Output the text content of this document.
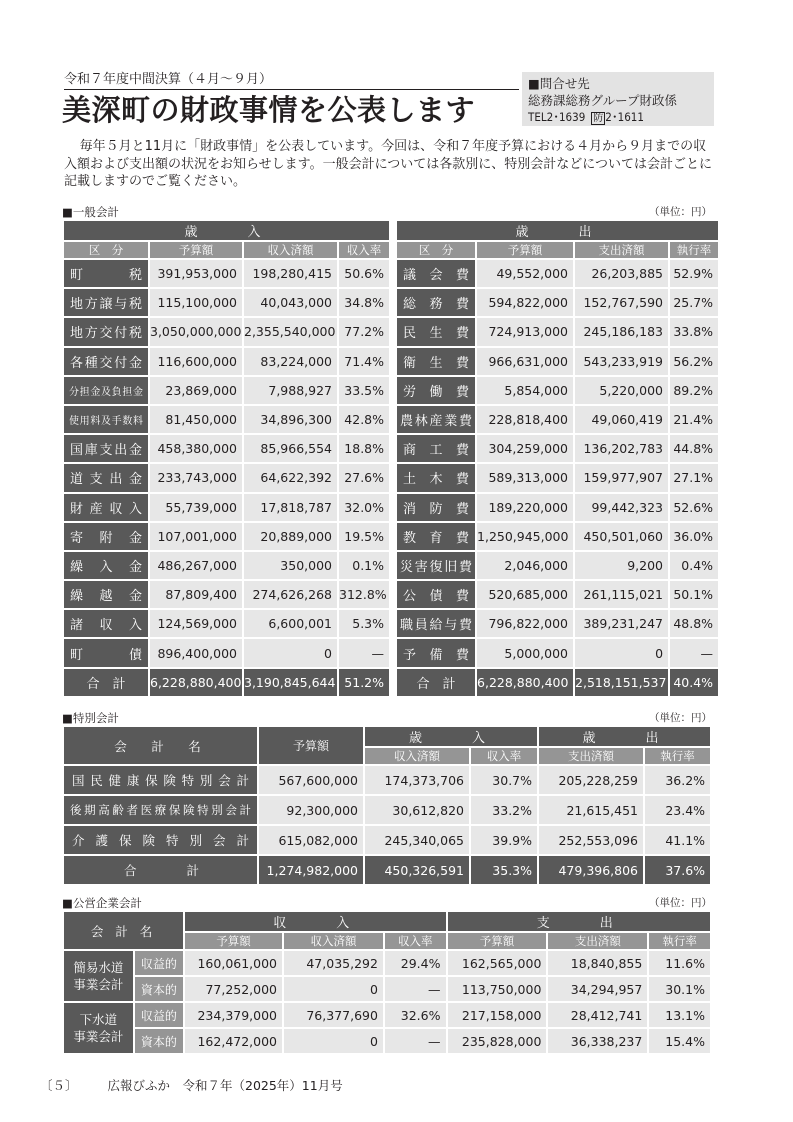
令和７年度中間決算（４月〜９月）
美深町の財政事情を公表します
■問合せ先
総務課総務グループ財政係
TEL2･1639 防 2･1611
毎年５月と11月に「財政事情」を公表しています。今回は、令和７年度予算における４月から９月までの収入額および支出額の状況をお知らせします。一般会計については各款別に、特別会計などについては会計ごとに記載しますのでご覧ください。
■一般会計	（単位：円）
歳　　入					歳　　出			
区　分	予算額	収入済額	収入率		区　分	予算額	支出済額	執行率
町税	391,953,000	198,280,415	50.6%		議会費	49,552,000	26,203,885	52.9%
地方譲与税	115,100,000	40,043,000	34.8%		総務費	594,822,000	152,767,590	25.7%
地方交付税	3,050,000,000	2,355,540,000	77.2%		民生費	724,913,000	245,186,183	33.8%
各種交付金	116,600,000	83,224,000	71.4%		衛生費	966,631,000	543,233,919	56.2%
分担金及負担金	23,869,000	7,988,927	33.5%		労働費	5,854,000	5,220,000	89.2%
使用料及手数料	81,450,000	34,896,300	42.8%		農林産業費	228,818,400	49,060,419	21.4%
国庫支出金	458,380,000	85,966,554	18.8%		商工費	304,259,000	136,202,783	44.8%
道支出金	233,743,000	64,622,392	27.6%		土木費	589,313,000	159,977,907	27.1%
財産収入	55,739,000	17,818,787	32.0%		消防費	189,220,000	99,442,323	52.6%
寄附金	107,001,000	20,889,000	19.5%		教育費	1,250,945,000	450,501,060	36.0%
繰入金	486,267,000	350,000	0.1%		災害復旧費	2,046,000	9,200	0.4%
繰越金	87,809,400	274,626,268	312.8%		公債費	520,685,000	261,115,021	50.1%
諸収入	124,569,000	6,600,001	5.3%		職員給与費	796,822,000	389,231,247	48.8%
町債	896,400,000	0	—		予備費	5,000,000	0	—
合　計	6,228,880,400	3,190,845,644	51.2%		合　計	6,228,880,400	2,518,151,537	40.4%
■特別会計	（単位：円）
会　計　名	予算額	歳　　入		歳　　出	
		収入済額	収入率	支出済額	執行率
国民健康保険特別会計	567,600,000	174,373,706	30.7%	205,228,259	36.2%
後期高齢者医療保険特別会計	92,300,000	30,612,820	33.2%	21,615,451	23.4%
介護保険特別会計	615,082,000	245,340,065	39.9%	252,553,096	41.1%
合　　　　計	1,274,982,000	450,326,591	35.3%	479,396,806	37.6%
■公営企業会計	（単位：円）
会 計 名		収　　入			支　　出		
		予算額	収入済額	収入率	予算額	支出済額	執行率

簡易水道
事業会計	収益的	160,061,000	47,035,292	29.4%	162,565,000	18,840,855	11.6%
	資本的	77,252,000	0	—	113,750,000	34,294,957	30.1%

下水道
事業会計	収益的	234,379,000	76,377,690	32.6%	217,158,000	28,412,741	13.1%
	資本的	162,472,000	0	—	235,828,000	36,338,237	15.4%
〔５〕 広報びふか　令和７年（2025年）11月号
